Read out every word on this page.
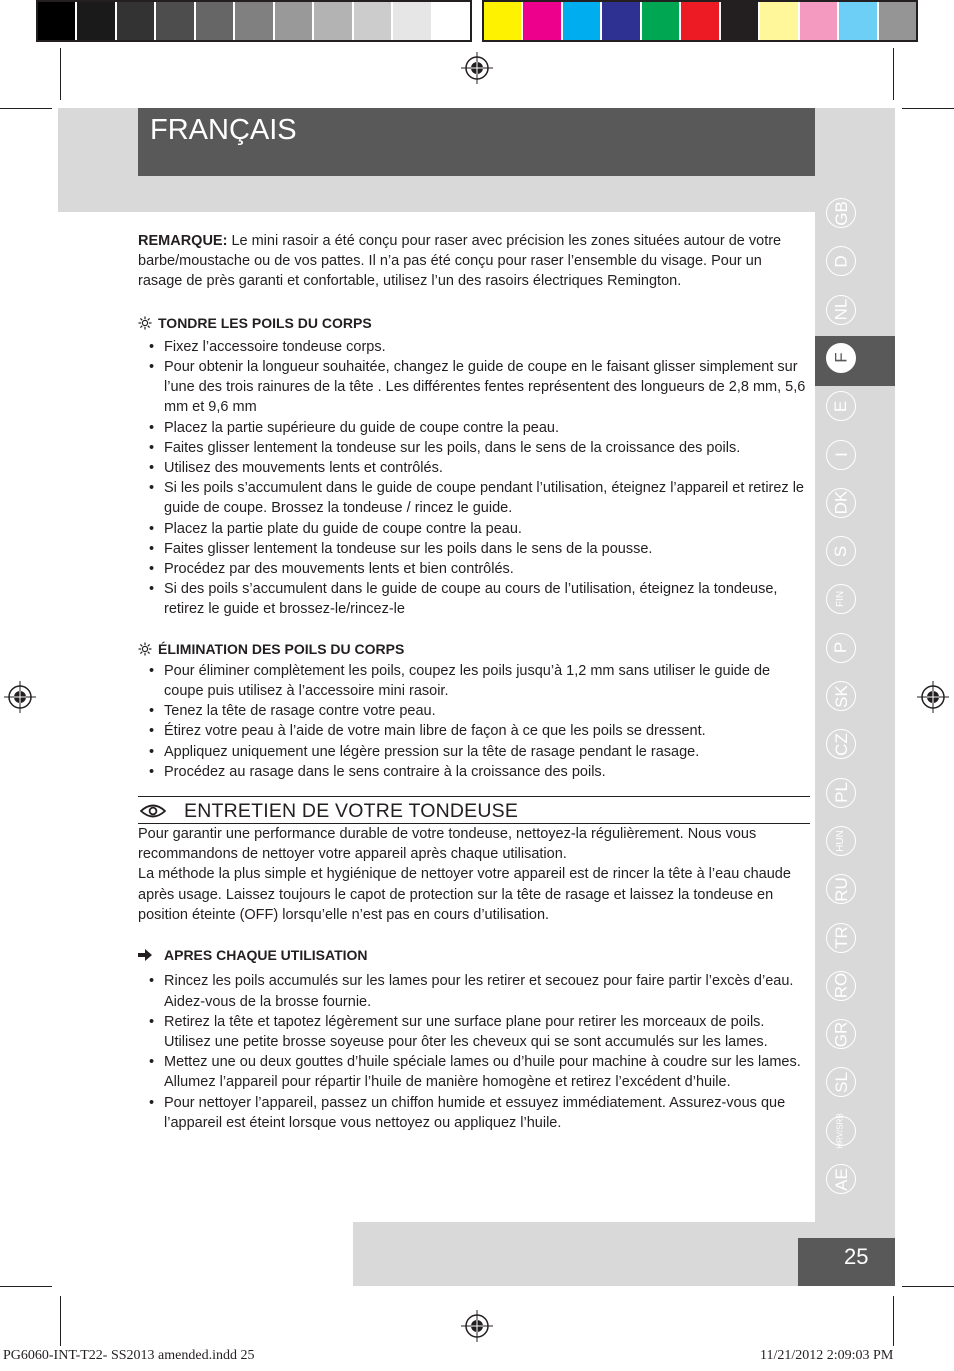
FRANÇAIS
GB
D
NL
F
E
I
DK
S
FIN
P
SK
CZ
PL
HUN
RU
TR
RO
GR
SL
HRV/SRB
AE

REMARQUE: Le mini rasoir a été conçu pour raser avec précision les zones situées autour de votre barbe/moustache ou de vos pattes. Il n’a pas été conçu pour raser l’ensemble du visage. Pour un rasage de près garanti et confortable, utilisez l’un des rasoirs électriques Remington.

TONDRE LES POILS DU CORPS
• Fixez l’accessoire tondeuse corps.
• Pour obtenir la longueur souhaitée, changez le guide de coupe en le faisant glisser simplement sur l’une des trois rainures de la tête . Les différentes fentes représentent des longueurs de 2,8 mm, 5,6 mm et 9,6 mm
• Placez la partie supérieure du guide de coupe contre la peau.
• Faites glisser lentement la tondeuse sur les poils, dans le sens de la croissance des poils.
• Utilisez des mouvements lents et contrôlés.
• Si les poils s’accumulent dans le guide de coupe pendant l’utilisation, éteignez l’appareil et retirez le guide de coupe. Brossez la tondeuse / rincez le guide.
• Placez la partie plate du guide de coupe contre la peau.
• Faites glisser lentement la tondeuse sur les poils dans le sens de la pousse.
• Procédez par des mouvements lents et bien contrôlés.
• Si des poils s’accumulent dans le guide de coupe au cours de l’utilisation, éteignez la tondeuse, retirez le guide et brossez-le/rincez-le
ÉLIMINATION DES POILS DU CORPS
• Pour éliminer complètement les poils, coupez les poils jusqu’à 1,2 mm sans utiliser le guide de coupe puis utilisez à l’accessoire mini rasoir.
• Tenez la tête de rasage contre votre peau.
• Étirez votre peau à l’aide de votre main libre de façon à ce que les poils se dressent.
• Appliquez uniquement une légère pression sur la tête de rasage pendant le rasage.
• Procédez au rasage dans le sens contraire à la croissance des poils.
ENTRETIEN DE VOTRE TONDEUSE

Pour garantir une performance durable de votre tondeuse, nettoyez-la régulièrement. Nous vous recommandons de nettoyer votre appareil après chaque utilisation.

La méthode la plus simple et hygiénique de nettoyer votre appareil est de rincer la tête à l’eau chaude après usage. Laissez toujours le capot de protection sur la tête de rasage et laissez la tondeuse en position éteinte (OFF) lorsqu’elle n’est pas en cours d’utilisation.

APRES CHAQUE UTILISATION
• Rincez les poils accumulés sur les lames pour les retirer et secouez pour faire partir l’excès d’eau. Aidez-vous de la brosse fournie.
• Retirez la tête et tapotez légèrement sur une surface plane pour retirer les morceaux de poils. Utilisez une petite brosse soyeuse pour ôter les cheveux qui se sont accumulés sur les lames.
• Mettez une ou deux gouttes d’huile spéciale lames ou d’huile pour machine à coudre sur les lames. Allumez l’appareil pour répartir l’huile de manière homogène et retirez l’excédent d’huile.
• Pour nettoyer l’appareil, passez un chiffon humide et essuyez immédiatement. Assurez-vous que l’appareil est éteint lorsque vous nettoyez ou appliquez l’huile.
25
PG6060-INT-T22- SS2013 amended.indd 25	11/21/2012 2:09:03 PM
